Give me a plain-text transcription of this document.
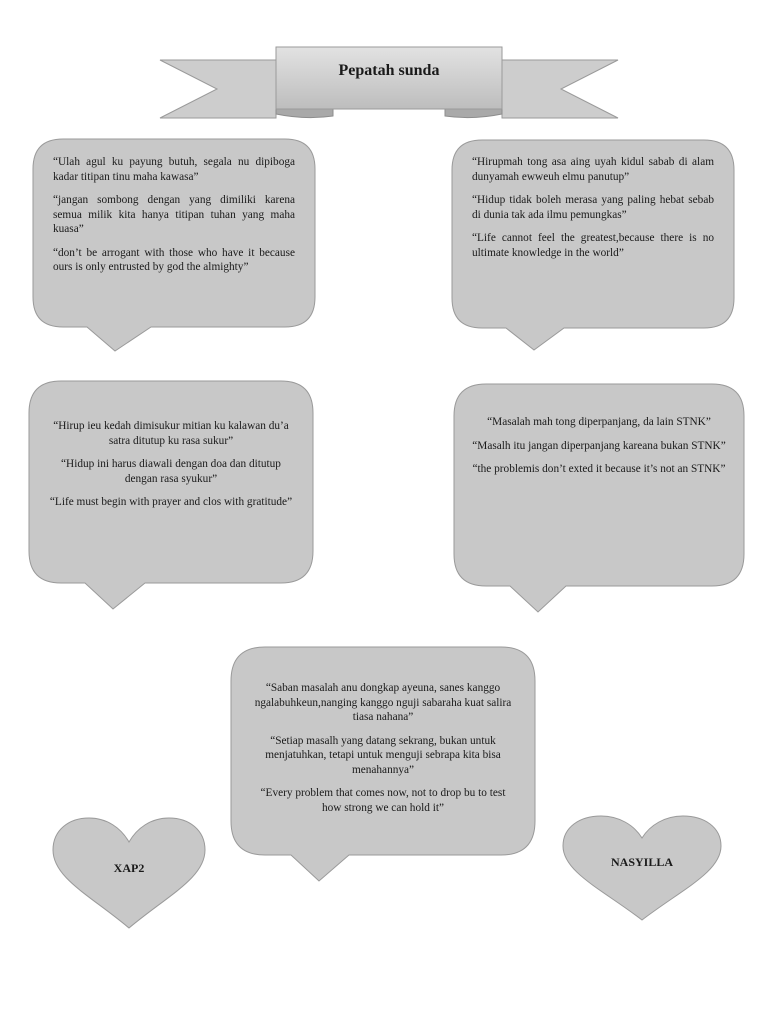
Pepatah sunda

“Ulah agul ku payung butuh, segala nu dipiboga kadar titipan tinu maha kawasa”

“jangan sombong dengan yang dimiliki karena semua milik kita hanya titipan tuhan yang maha kuasa”

“don’t be arrogant with those who have it because ours is only entrusted by god the almighty”

“Hirupmah tong asa aing uyah kidul sabab di alam dunyamah ewweuh elmu panutup”

“Hidup tidak boleh merasa yang paling hebat sebab di dunia tak ada ilmu pemungkas”

“Life cannot feel the greatest,because there is no ultimate knowledge in the world”

“Hirup ieu kedah dimisukur mitian ku kalawan du’a satra ditutup ku rasa sukur”

“Hidup ini harus diawali dengan doa dan ditutup dengan rasa syukur”

“Life must begin with prayer and clos with gratitude”

“Masalah mah tong diperpanjang, da lain STNK”

“Masalh itu jangan diperpanjang kareana bukan STNK”

“the problemis don’t exted it because it’s not an STNK”

“Saban masalah anu dongkap ayeuna, sanes kanggo ngalabuhkeun,nanging kanggo nguji sabaraha kuat salira tiasa nahana”

“Setiap masalh yang datang sekrang, bukan untuk menjatuhkan, tetapi untuk menguji sebrapa kita bisa menahannya”

“Every problem that comes now, not to drop bu to test how strong we can hold it”

XAP2	NASYILLA
